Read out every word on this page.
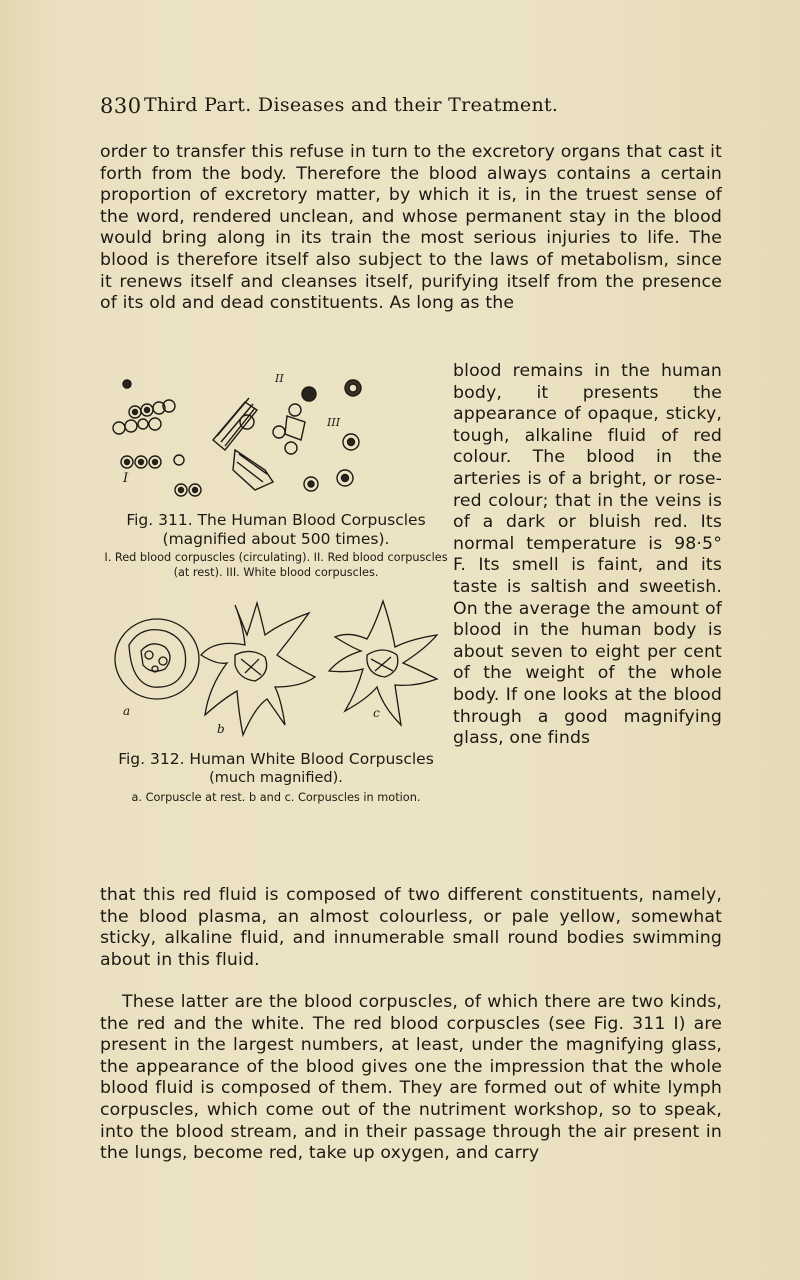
830 Third Part. Diseases and their Treatment.

order to transfer this refuse in turn to the excretory organs that cast it forth from the body. Therefore the blood always contains a certain proportion of excretory matter, by which it is, in the truest sense of the word, rendered unclean, and whose permanent stay in the blood would bring along in its train the most serious injuries to life. The blood is therefore itself also subject to the laws of metabolism, since it renews itself and cleanses itself, purifying itself from the presence of its old and dead constituents. As long as the

I
II
III

Fig. 311. The Human Blood Corpuscles
(magnified about 500 times).

I. Red blood corpuscles (circulating). II. Red blood corpuscles (at rest). III. White blood corpuscles.

blood remains in the human body, it presents the appearance of opaque, sticky, tough, alkaline fluid of red colour. The blood in the arteries is of a bright, or rose-red colour; that in the veins is of a dark or bluish red. Its normal temperature is 98·5° F. Its smell is faint, and its taste is saltish and sweetish. On the average the amount of blood in the human body is about seven to eight per cent of the weight of the whole body. If one looks at the blood through a good magnifying glass, one finds

a
b
c

Fig. 312. Human White Blood Corpuscles
(much magnified).

a. Corpuscle at rest. b and c. Corpuscles in motion.

that this red fluid is composed of two different constituents, namely, the blood plasma, an almost colourless, or pale yellow, somewhat sticky, alkaline fluid, and innumerable small round bodies swimming about in this fluid.

These latter are the blood corpuscles, of which there are two kinds, the red and the white. The red blood corpuscles (see Fig. 311 I) are present in the largest numbers, at least, under the magnifying glass, the appearance of the blood gives one the impression that the whole blood fluid is composed of them. They are formed out of white lymph corpuscles, which come out of the nutriment workshop, so to speak, into the blood stream, and in their passage through the air present in the lungs, become red, take up oxygen, and carry
